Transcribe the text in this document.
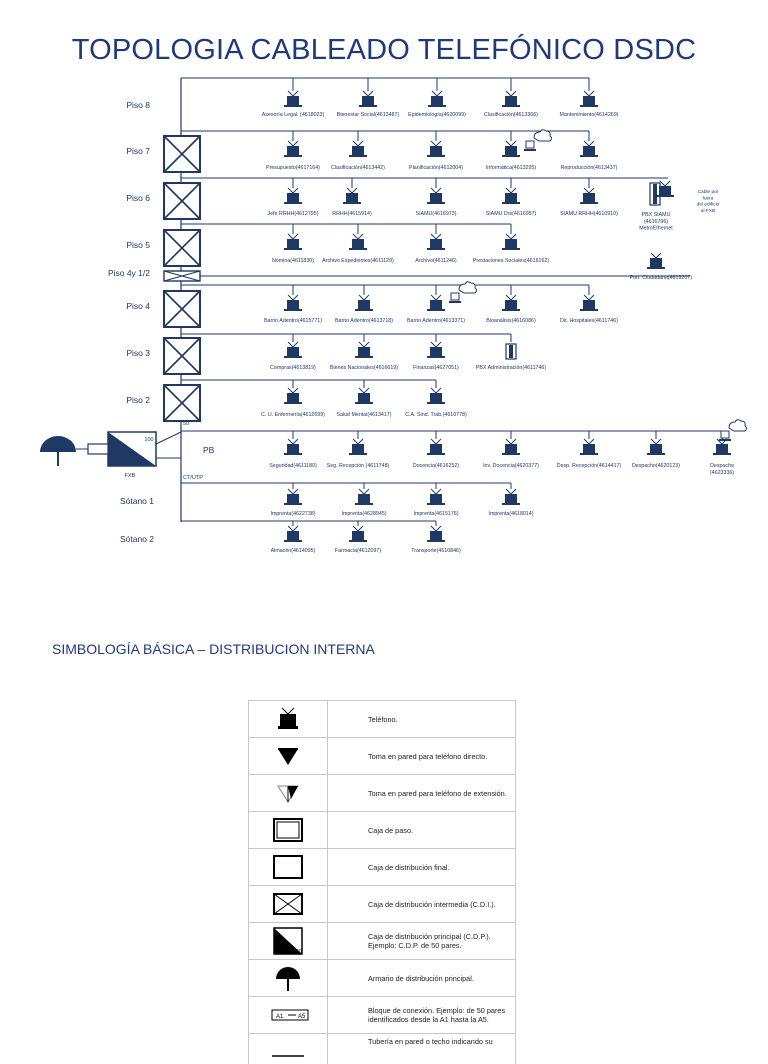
TOPOLOGIA CABLEADO TELEFÓNICO DSDC
Piso 8
Piso 7
Piso 6
Piso 5
Piso 4y 1/2
Piso 4
Piso 3
Piso 2
PB
Sótano 1
Sótano 2
Asesoría Legal. (4618023) Bienestar Social(4613487) Epidemiología(4620099)	Clasificación(4613366)	Mantenimiento(4614269)
Presupuesto(4617164) Clasificación(4613442)	Planificación(4612004)	Informática(4613295)	Reproducción(4613437)
Jefe RRHH(4612795)	RRHH(4615914)	SIAMU(4616973)	SIAMU Drs(4616957)	SIAMU RRHH(4610910)
Nómina(4611830) Archivo Expedientes(4611129)	Archivo(4611246)	Prestaciones Sociales(4616162)
Port. Ciudadana(4619207)
Barrio Adentro(4615771) Barrio Adentro(4613718)	Barrio Adentro(4613371)	Bioanálisis(4616086)	Dir. Hospitales(4611746)
Compras(4613819)	Bienes Nacionales(4616619)	Finanzas(4627051)	PBX Administración(4611746)
C. U. Enfermería(4612699) Salud Mental(4613417)	C.A. Sind. Trab.(4610778)
Seguridad(4611180) Seg. Recepción (4611748)	Docencia(4616252)	Inv. Docencia(4620377)	Desp. Recepción(4614417) Despacho(4620123)	Despacho (4623336)
Imprenta(4622738)	Imprenta(4628945)	Imprenta(4615176)	Imprenta(4618014)
Almacén(4614095)	Farmacia(4612097)	Transporte(4610846)
PBX SIAMU (4616796) MetroEthernet
Cable por fuera del edificio al FXB
100
FXB
50
CT/UTP
SIMBOLOGÍA BÁSICA – DISTRIBUCION INTERNA
	Teléfono.

	Toma en pared para teléfono directo.

	Toma en pared para teléfono de extensión.

	Caja de paso.

	Caja de distribución final.

	Caja de distribución intermedia (C.D.I.).

50	Caja de distribución principal (C.D.P.).
Ejemplo: C.D.P. de 50 pares.

	Armario de distribución principal.

A1 A5	Bloque de conexión. Ejemplo: de 50 pares
identificados desde la A1 hasta la A5.

	Tubería en pared o techo indicando su
